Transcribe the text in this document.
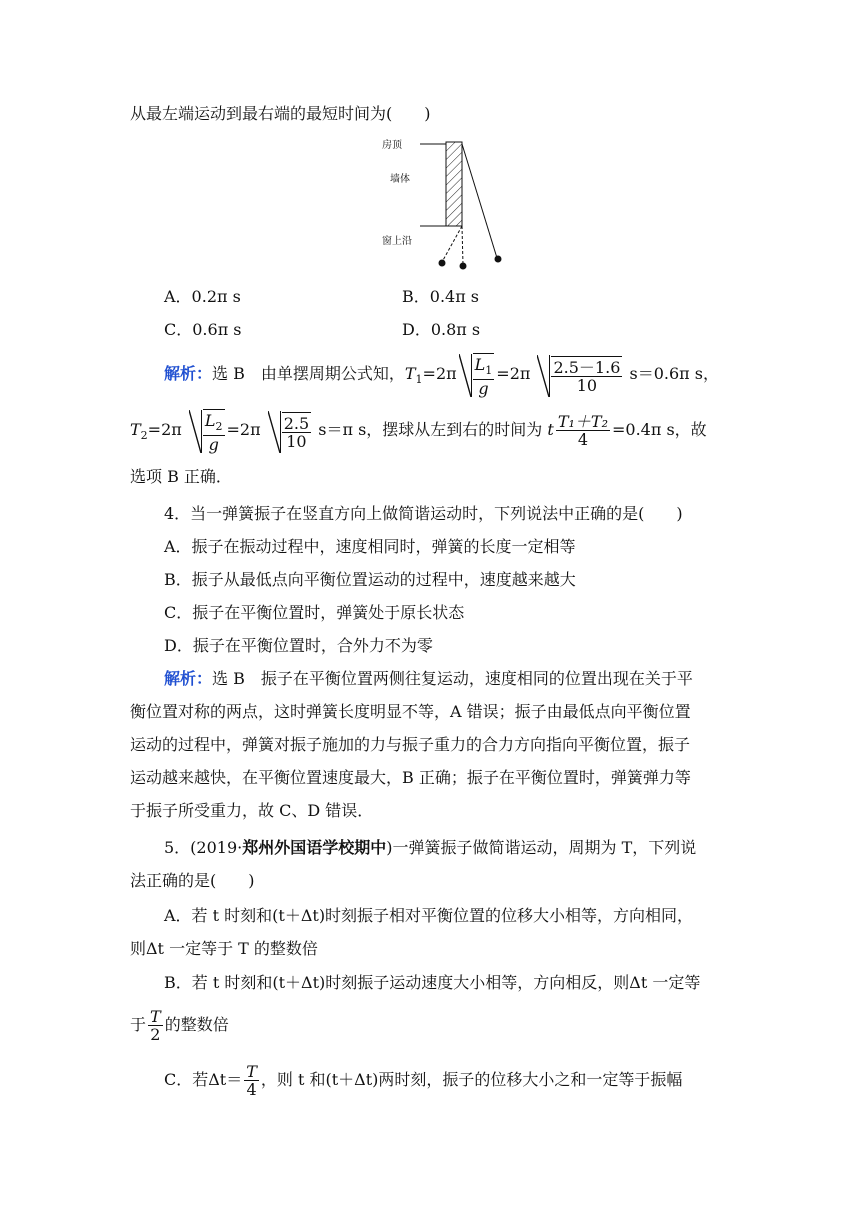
从最左端运动到最右端的最短时间为(　　)
房顶
墙体
窗上沿
A．0.2π s	B．0.4π s
C．0.6π s	D．0.8π s
解析：选 B　由单摆周期公式知，$T_1=2\pi \frac{L_1}{g} =2\pi \frac{2.5-1.6}{10} s=0.6\pi$ s，
$T_2=2\pi \frac{L_2}{g} =2\pi \frac{2.5}{10} s=\pi$ s，摆球从左到右的时间为 t $\frac{\text{T₁＋T₂}}{4} =0.4\pi$ s，故
选项 B 正确．
4．当一弹簧振子在竖直方向上做简谐运动时，下列说法中正确的是(　　)
A．振子在振动过程中，速度相同时，弹簧的长度一定相等
B．振子从最低点向平衡位置运动的过程中，速度越来越大
C．振子在平衡位置时，弹簧处于原长状态
D．振子在平衡位置时，合外力不为零
解析：选 B　振子在平衡位置两侧往复运动，速度相同的位置出现在关于平
衡位置对称的两点，这时弹簧长度明显不等，A 错误；振子由最低点向平衡位置
运动的过程中，弹簧对振子施加的力与振子重力的合力方向指向平衡位置，振子
运动越来越快，在平衡位置速度最大，B 正确；振子在平衡位置时，弹簧弹力等
于振子所受重力，故 C、D 错误．
5．(2019·郑州外国语学校期中)一弹簧振子做简谐运动，周期为 T，下列说
法正确的是(　　)
A．若 t 时刻和(t＋Δt)时刻振子相对平衡位置的位移大小相等，方向相同，
则Δt 一定等于 T 的整数倍
B．若 t 时刻和(t＋Δt)时刻振子运动速度大小相等，方向相反，则Δt 一定等
于 $\frac{T}{2}$ 的整数倍
C．若$\Delta t= \frac{T}{4}$ ，则 t 和(t＋Δt)两时刻，振子的位移大小之和一定等于振幅
